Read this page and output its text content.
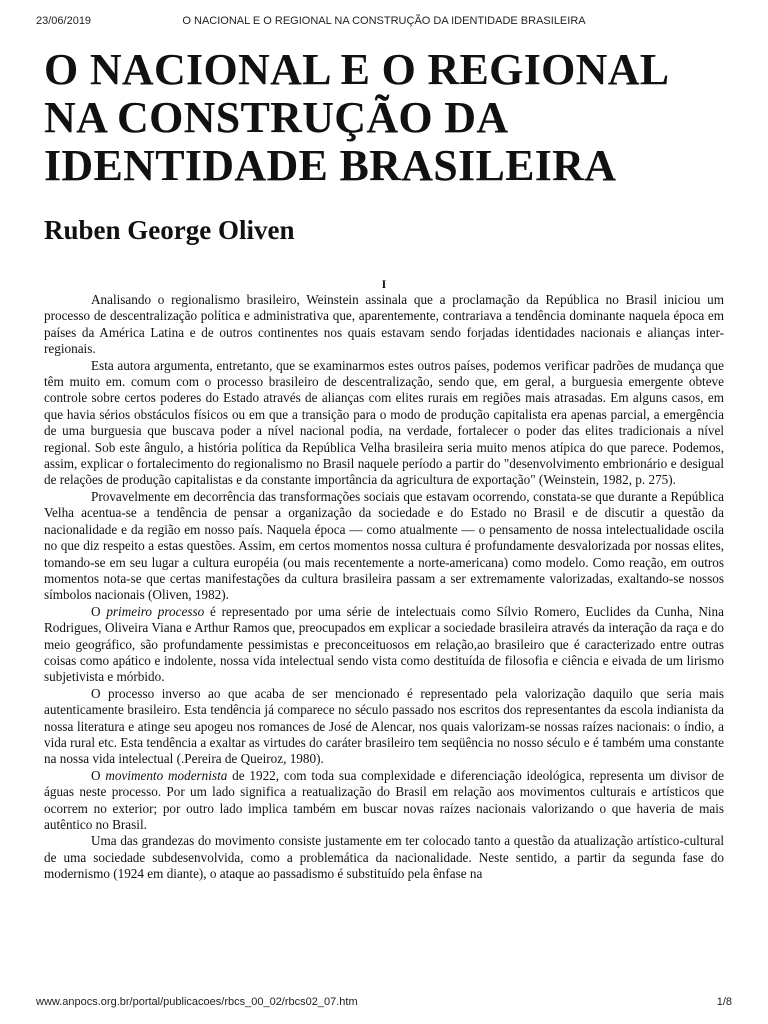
23/06/2019	O NACIONAL E O REGIONAL NA CONSTRUÇÃO DA IDENTIDADE BRASILEIRA
O NACIONAL E O REGIONAL NA CONSTRUÇÃO DA IDENTIDADE BRASILEIRA
Ruben George Oliven
I

Analisando o regionalismo brasileiro, Weinstein assinala que a proclamação da República no Brasil iniciou um processo de descentralização política e administrativa que, aparentemente, contrariava a tendência dominante naquela época em países da América Latina e de outros continentes nos quais estavam sendo forjadas identidades nacionais e alianças inter-regionais.

Esta autora argumenta, entretanto, que se examinarmos estes outros países, podemos verificar padrões de mudança que têm muito em. comum com o processo brasileiro de descentralização, sendo que, em geral, a burguesia emergente obteve controle sobre certos poderes do Estado através de alianças com elites rurais em regiões mais atrasadas. Em alguns casos, em que havia sérios obstáculos físicos ou em que a transição para o modo de produção capitalista era apenas parcial, a emergência de uma burguesia que buscava poder a nível nacional podia, na verdade, fortalecer o poder das elites tradicionais a nível regional. Sob este ângulo, a história política da República Velha brasileira seria muito menos atípica do que parece. Podemos, assim, explicar o fortalecimento do regionalismo no Brasil naquele período a partir do "desenvolvimento embrionário e desigual de relações de produção capitalistas e da constante importância da agricultura de exportação" (Weinstein, 1982, p. 275).

Provavelmente em decorrência das transformações sociais que estavam ocorrendo, constata-se que durante a República Velha acentua-se a tendência de pensar a organização da sociedade e do Estado no Brasil e de discutir a questão da nacionalidade e da região em nosso país. Naquela época — como atualmente — o pensamento de nossa intelectualidade oscila no que diz respeito a estas questões. Assim, em certos momentos nossa cultura é profundamente desvalorizada por nossas elites, tomando-se em seu lugar a cultura européia (ou mais recentemente a norte-americana) como modelo. Como reação, em outros momentos nota-se que certas manifestações da cultura brasileira passam a ser extremamente valorizadas, exaltando-se nossos símbolos nacionais (Oliven, 1982).

O primeiro processo é representado por uma série de intelectuais como Sílvio Romero, Euclides da Cunha, Nina Rodrigues, Oliveira Viana e Arthur Ramos que, preocupados em explicar a sociedade brasileira através da interação da raça e do meio geográfico, são profundamente pessimistas e preconceituosos em relação,ao brasileiro que é caracterizado entre outras coisas como apático e indolente, nossa vida intelectual sendo vista como destituída de filosofia e ciência e eivada de um lirismo subjetivista e mórbido.

O processo inverso ao que acaba de ser mencionado é representado pela valorização daquilo que seria mais autenticamente brasileiro. Esta tendência já comparece no século passado nos escritos dos representantes da escola indianista da nossa literatura e atinge seu apogeu nos romances de José de Alencar, nos quais valorizam-se nossas raízes nacionais: o índio, a vida rural etc. Esta tendência a exaltar as virtudes do caráter brasileiro tem seqüência no nosso século e é também uma constante na nossa vida intelectual (.Pereira de Queiroz, 1980).

O movimento modernista de 1922, com toda sua complexidade e diferenciação ideológica, representa um divisor de águas neste processo. Por um lado significa a reatualização do Brasil em relação aos movimentos culturais e artísticos que ocorrem no exterior; por outro lado implica também em buscar novas raízes nacionais valorizando o que haveria de mais autêntico no Brasil.

Uma das grandezas do movimento consiste justamente em ter colocado tanto a questão da atualização artístico-cultural de uma sociedade subdesenvolvida, como a problemática da nacionalidade. Neste sentido, a partir da segunda fase do modernismo (1924 em diante), o ataque ao passadismo é substituído pela ênfase na

www.anpocs.org.br/portal/publicacoes/rbcs_00_02/rbcs02_07.htm	1/8
